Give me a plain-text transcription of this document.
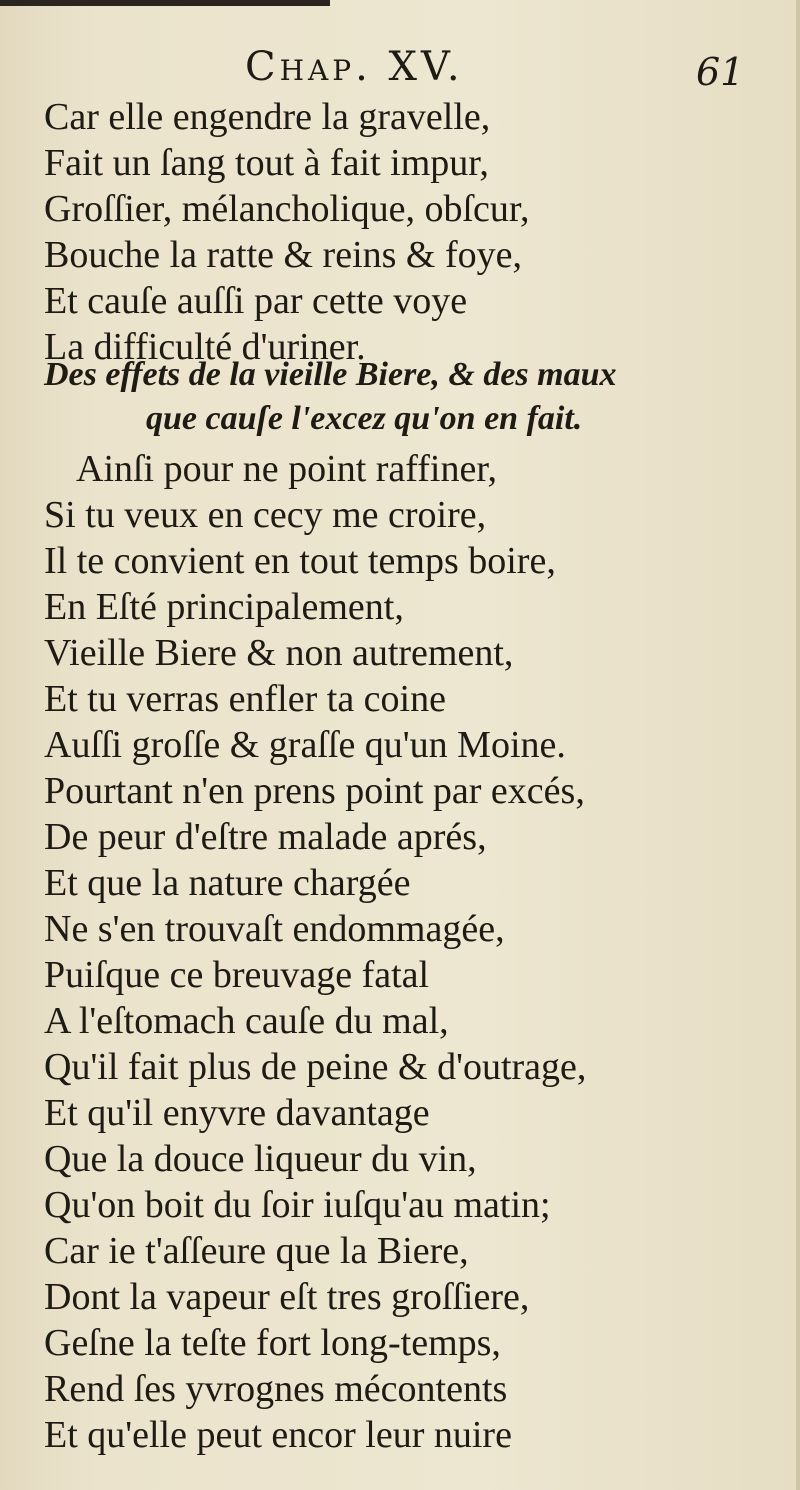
Chap. XV.	61
Car elle engendre la gravelle,
Fait un ſang tout à fait impur,
Groſſier, mélancholique, obſcur,
Bouche la ratte & reins & foye,
Et cauſe auſſi par cette voye
La difficulté d'uriner.
Des effets de la vieille Biere, & des maux
que cauſe l'excez qu'on en fait.
Ainſi pour ne point raffiner,
Si tu veux en cecy me croire,
Il te convient en tout temps boire,
En Eſté principalement,
Vieille Biere & non autrement,
Et tu verras enfler ta coine
Auſſi groſſe & graſſe qu'un Moine.
Pourtant n'en prens point par excés,
De peur d'eſtre malade aprés,
Et que la nature chargée
Ne s'en trouvaſt endommagée,
Puiſque ce breuvage fatal
A l'eſtomach cauſe du mal,
Qu'il fait plus de peine & d'outrage,
Et qu'il enyvre davantage
Que la douce liqueur du vin,
Qu'on boit du ſoir iuſqu'au matin;
Car ie t'aſſeure que la Biere,
Dont la vapeur eſt tres groſſiere,
Geſne la teſte fort long-temps,
Rend ſes yvrognes mécontents
Et qu'elle peut encor leur nuire
